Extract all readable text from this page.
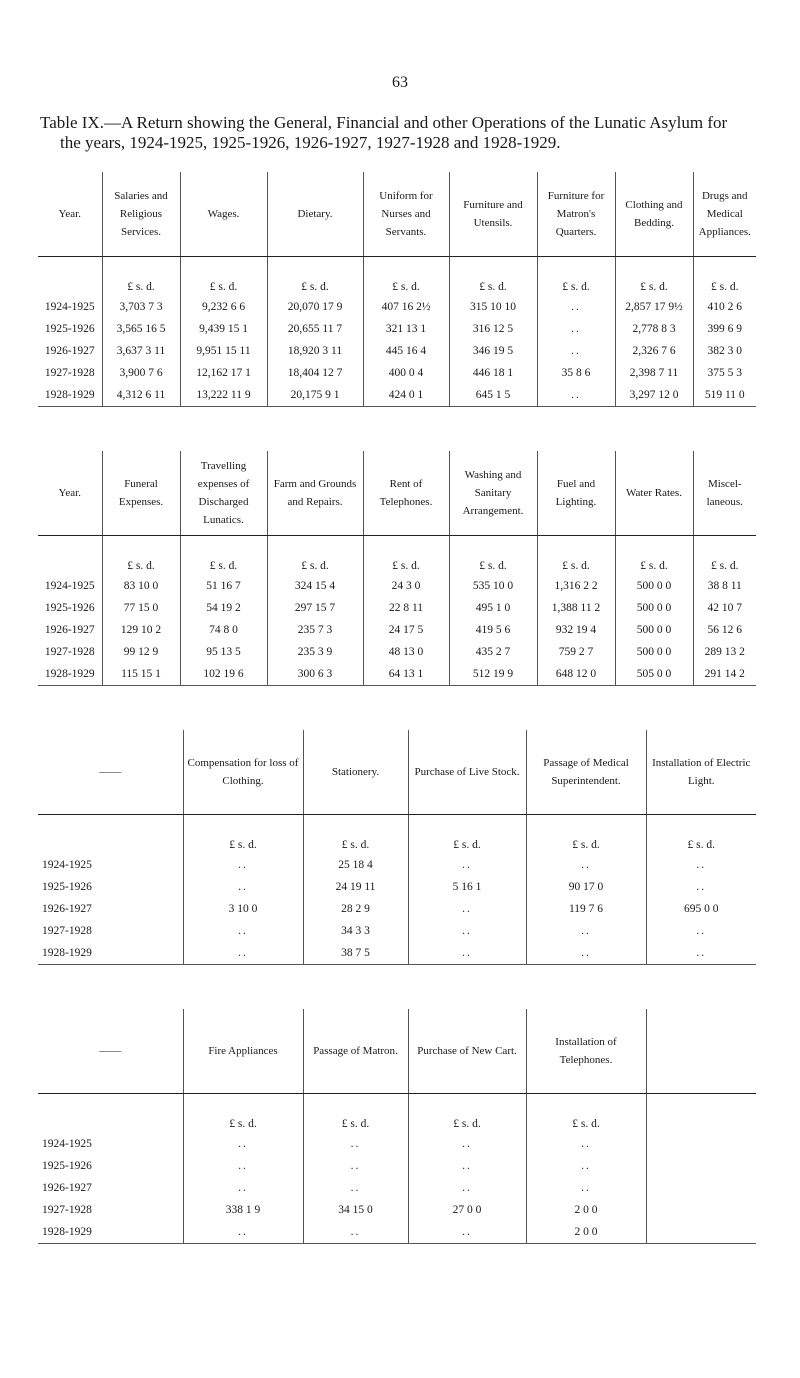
63
Table IX.—A Return showing the General, Financial and other Operations of the Lunatic Asylum for
the years, 1924-1925, 1925-1926, 1926-1927, 1927-1928 and 1928-1929.
Year.	Salaries and Religious Services.	Wages.	Dietary.	Uniform for Nurses and Servants.	Furniture and Utensils.	Furniture for Matron's Quarters.	Clothing and Bedding.	Drugs and Medical Appliances.
	£ s. d.	£ s. d.	£ s. d.	£ s. d.	£ s. d.	£ s. d.	£ s. d.	£ s. d.
1924-1925	3,703 7 3	9,232 6 6	20,070 17 9	407 16 2½	315 10 10	..	2,857 17 9½	410 2 6
1925-1926	3,565 16 5	9,439 15 1	20,655 11 7	321 13 1	316 12 5	..	2,778 8 3	399 6 9
1926-1927	3,637 3 11	9,951 15 11	18,920 3 11	445 16 4	346 19 5	..	2,326 7 6	382 3 0
1927-1928	3,900 7 6	12,162 17 1	18,404 12 7	400 0 4	446 18 1	35 8 6	2,398 7 11	375 5 3
1928-1929	4,312 6 11	13,222 11 9	20,175 9 1	424 0 1	645 1 5	..	3,297 12 0	519 11 0
Year.	Funeral Expenses.	Travelling expenses of Discharged Lunatics.	Farm and Grounds and Repairs.	Rent of Telephones.	Washing and Sanitary Arrangement.	Fuel and Lighting.	Water Rates.	Miscel- laneous.
	£ s. d.	£ s. d.	£ s. d.	£ s. d.	£ s. d.	£ s. d.	£ s. d.	£ s. d.
1924-1925	83 10 0	51 16 7	324 15 4	24 3 0	535 10 0	1,316 2 2	500 0 0	38 8 11
1925-1926	77 15 0	54 19 2	297 15 7	22 8 11	495 1 0	1,388 11 2	500 0 0	42 10 7
1926-1927	129 10 2	74 8 0	235 7 3	24 17 5	419 5 6	932 19 4	500 0 0	56 12 6
1927-1928	99 12 9	95 13 5	235 3 9	48 13 0	435 2 7	759 2 7	500 0 0	289 13 2
1928-1929	115 15 1	102 19 6	300 6 3	64 13 1	512 19 9	648 12 0	505 0 0	291 14 2
——	Compensation for loss of Clothing.	Stationery.	Purchase of Live Stock.	Passage of Medical Superintendent.	Installation of Electric Light.
	£ s. d.	£ s. d.	£ s. d.	£ s. d.	£ s. d.
1924-1925	..	25 18 4	..	..	..
1925-1926	..	24 19 11	5 16 1	90 17 0	..
1926-1927	3 10 0	28 2 9	..	119 7 6	695 0 0
1927-1928	..	34 3 3	..	..	..
1928-1929	..	38 7 5	..	..	..
——	Fire Appliances	Passage of Matron.	Purchase of New Cart.	Installation of Telephones.	
	£ s. d.	£ s. d.	£ s. d.	£ s. d.	
1924-1925	..	..	..	..	
1925-1926	..	..	..	..	
1926-1927	..	..	..	..	
1927-1928	338 1 9	34 15 0	27 0 0	2 0 0	
1928-1929	..	..	..	2 0 0	
